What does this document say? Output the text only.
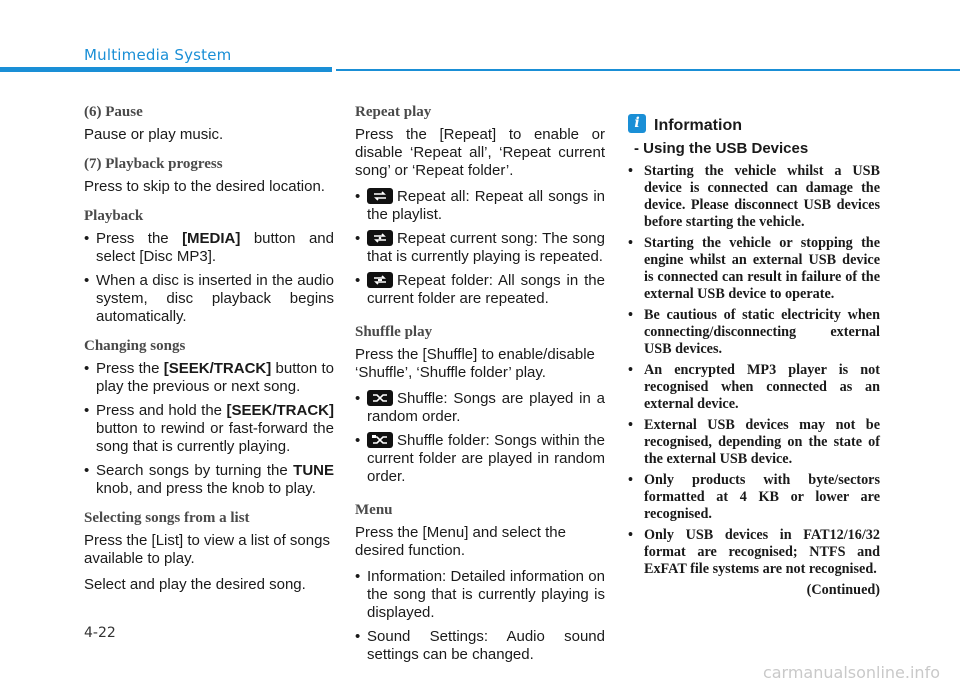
Multimedia System
(6) Pause
Pause or play music.
(7) Playback progress
Press to skip to the desired location.
Playback
• Press the [MEDIA] button and select [Disc MP3].
• When a disc is inserted in the audio system, disc playback begins automatically.
Changing songs
• Press the [SEEK/TRACK] button to play the previous or next song.
• Press and hold the [SEEK/TRACK] button to rewind or fast-forward the song that is currently playing.
• Search songs by turning the TUNE knob, and press the knob to play.
Selecting songs from a list
Press the [List] to view a list of songs available to play.
Select and play the desired song.
Repeat play
Press the [Repeat] to enable or disable ‘Repeat all’, ‘Repeat current song’ or ‘Repeat folder’.
• Repeat all: Repeat all songs in the playlist.
• Repeat current song: The song that is currently playing is repeated.
• Repeat folder: All songs in the current folder are repeated.
Shuffle play
Press the [Shuffle] to enable/disable ‘Shuffle’, ‘Shuffle folder’ play.
• Shuffle: Songs are played in a random order.
• Shuffle folder: Songs within the current folder are played in random order.
Menu
Press the [Menu] and select the desired function.
• Information: Detailed information on the song that is currently playing is displayed.
• Sound Settings: Audio sound settings can be changed.
i Information
- Using the USB Devices
• Starting the vehicle whilst a USB device is connected can damage the device. Please disconnect USB devices before starting the vehicle.
• Starting the vehicle or stopping the engine whilst an external USB device is connected can result in failure of the external USB device to operate.
• Be cautious of static electricity when connecting/disconnecting external USB devices.
• An encrypted MP3 player is not recognised when connected as an external device.
• External USB devices may not be recognised, depending on the state of the external USB device.
• Only products with byte/sectors formatted at 4 KB or lower are recognised.
• Only USB devices in FAT12/16/32 format are recognised; NTFS and ExFAT file systems are not recognised.
(Continued)
4-22
carmanualsonline.info
